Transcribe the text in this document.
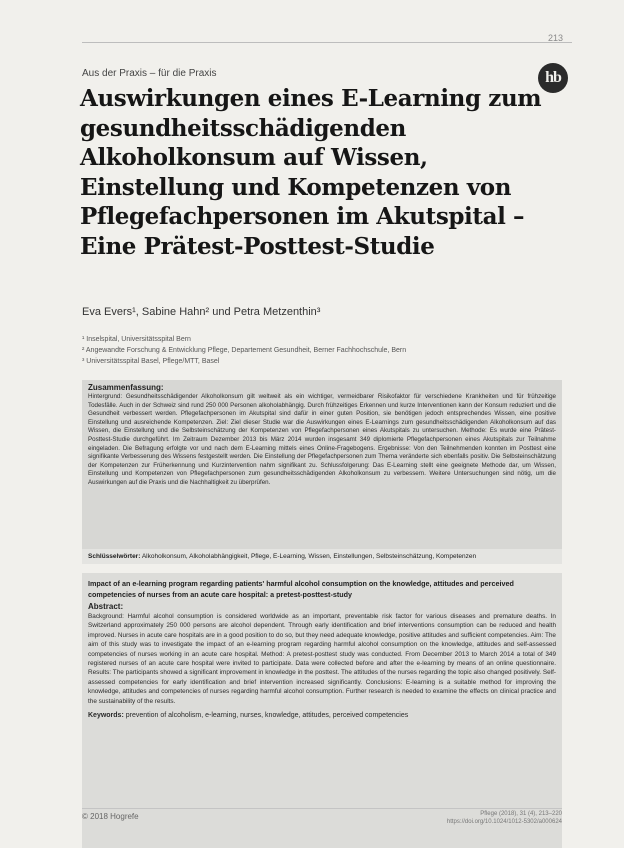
213
hb
Aus der Praxis – für die Praxis
Auswirkungen eines E-Learning zum gesundheitsschädigenden Alkoholkonsum auf Wissen, Einstellung und Kompetenzen von Pflegefachpersonen im Akutspital – Eine Prätest-Posttest-Studie
Eva Evers¹, Sabine Hahn² und Petra Metzenthin³
¹ Inselspital, Universitätsspital Bern
² Angewandte Forschung & Entwicklung Pflege, Departement Gesundheit, Berner Fachhochschule, Bern
³ Universitätsspital Basel, Pflege/MTT, Basel
Zusammenfassung:
Hintergrund: Gesundheitsschädigender Alkoholkonsum gilt weltweit als ein wichtiger, vermeidbarer Risikofaktor für verschiedene Krankheiten und für frühzeitige Todesfälle. Auch in der Schweiz sind rund 250 000 Personen alkoholabhängig. Durch frühzeitiges Erkennen und kurze Interventionen kann der Konsum reduziert und die Gesundheit verbessert werden. Pflegefachpersonen im Akutspital sind dafür in einer guten Position, sie benötigen jedoch entsprechendes Wissen, eine positive Einstellung und ausreichende Kompetenzen. Ziel: Ziel dieser Studie war die Auswirkungen eines E-Learnings zum gesundheitsschädigenden Alkoholkonsum auf das Wissen, die Einstellung und die Selbsteinschätzung der Kompetenzen von Pflegefachpersonen eines Akutspitals zu untersuchen. Methode: Es wurde eine Prätest-Posttest-Studie durchgeführt. Im Zeitraum Dezember 2013 bis März 2014 wurden insgesamt 349 diplomierte Pflegefachpersonen eines Akutspitals zur Teilnahme eingeladen. Die Befragung erfolgte vor und nach dem E-Learning mittels eines Online-Fragebogens. Ergebnisse: Von den Teilnehmenden konnten im Posttest eine signifikante Verbesserung des Wissens festgestellt werden. Die Einstellung der Pflegefachpersonen zum Thema veränderte sich ebenfalls positiv. Die Selbsteinschätzung der Kompetenzen zur Früherkennung und Kurzintervention nahm signifikant zu. Schlussfolgerung: Das E-Learning stellt eine geeignete Methode dar, um Wissen, Einstellung und Kompetenzen von Pflegefachpersonen zum gesundheitsschädigenden Alkoholkonsum zu verbessern. Weitere Untersuchungen sind nötig, um die Auswirkungen auf die Praxis und die Nachhaltigkeit zu überprüfen.
Schlüsselwörter: Alkoholkonsum, Alkoholabhängigkeit, Pflege, E-Learning, Wissen, Einstellungen, Selbsteinschätzung, Kompetenzen
Impact of an e-learning program regarding patients' harmful alcohol consumption on the knowledge, attitudes and perceived competencies of nurses from an acute care hospital: a pretest-posttest-study
Abstract:
Background: Harmful alcohol consumption is considered worldwide as an important, preventable risk factor for various diseases and premature deaths. In Switzerland approximately 250 000 persons are alcohol dependent. Through early identification and brief interventions consumption can be reduced and health improved. Nurses in acute care hospitals are in a good position to do so, but they need adequate knowledge, positive attitudes and sufficient competencies. Aim: The aim of this study was to investigate the impact of an e-learning program regarding harmful alcohol consumption on the knowledge, attitudes and self-assessed competencies of nurses working in an acute care hospital. Method: A pretest-posttest study was conducted. From December 2013 to March 2014 a total of 349 registered nurses of an acute care hospital were invited to participate. Data were collected before and after the e-learning by means of an online questionnaire. Results: The participants showed a significant improvement in knowledge in the posttest. The attitudes of the nurses regarding the topic also changed positively. Self-assessed competencies for early identification and brief intervention increased significantly. Conclusions: E-learning is a suitable method for improving the knowledge, attitudes and competencies of nurses regarding harmful alcohol consumption. Further research is needed to examine the effects on clinical practice and the sustainability of the results.
Keywords: prevention of alcoholism, e-learning, nurses, knowledge, attitudes, perceived competencies
© 2018 Hogrefe	Pflege (2018), 31 (4), 213–220
https://doi.org/10.1024/1012-5302/a000624
